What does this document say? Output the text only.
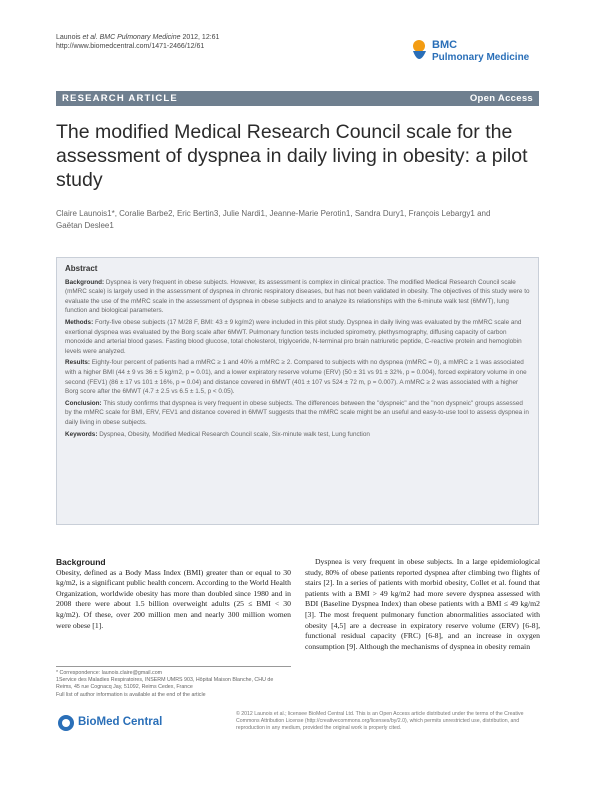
Launois et al. BMC Pulmonary Medicine 2012, 12:61
http://www.biomedcentral.com/1471-2466/12/61	BMC
Pulmonary Medicine
RESEARCH ARTICLE	Open Access
The modified Medical Research Council scale for the assessment of dyspnea in daily living in obesity: a pilot study
Claire Launois1*, Coralie Barbe2, Eric Bertin3, Julie Nardi1, Jeanne-Marie Perotin1, Sandra Dury1, François Lebargy1 and Gaëtan Deslee1
Abstract

Background: Dyspnea is very frequent in obese subjects. However, its assessment is complex in clinical practice. The modified Medical Research Council scale (mMRC scale) is largely used in the assessment of dyspnea in chronic respiratory diseases, but has not been validated in obesity. The objectives of this study were to evaluate the use of the mMRC scale in the assessment of dyspnea in obese subjects and to analyze its relationships with the 6-minute walk test (6MWT), lung function and biological parameters.

Methods: Forty-five obese subjects (17 M/28 F, BMI: 43 ± 9 kg/m2) were included in this pilot study. Dyspnea in daily living was evaluated by the mMRC scale and exertional dyspnea was evaluated by the Borg scale after 6MWT. Pulmonary function tests included spirometry, plethysmography, diffusing capacity of carbon monoxide and arterial blood gases. Fasting blood glucose, total cholesterol, triglyceride, N-terminal pro brain natriuretic peptide, C-reactive protein and hemoglobin levels were analyzed.

Results: Eighty-four percent of patients had a mMRC ≥ 1 and 40% a mMRC ≥ 2. Compared to subjects with no dyspnea (mMRC = 0), a mMRC ≥ 1 was associated with a higher BMI (44 ± 9 vs 36 ± 5 kg/m2, p = 0.01), and a lower expiratory reserve volume (ERV) (50 ± 31 vs 91 ± 32%, p = 0.004), forced expiratory volume in one second (FEV1) (86 ± 17 vs 101 ± 16%, p = 0.04) and distance covered in 6MWT (401 ± 107 vs 524 ± 72 m, p = 0.007). A mMRC ≥ 2 was associated with a higher Borg score after the 6MWT (4.7 ± 2.5 vs 6.5 ± 1.5, p < 0.05).

Conclusion: This study confirms that dyspnea is very frequent in obese subjects. The differences between the "dyspneic" and the "non dyspneic" groups assessed by the mMRC scale for BMI, ERV, FEV1 and distance covered in 6MWT suggests that the mMRC scale might be an useful and easy-to-use tool to assess dyspnea in daily living in obese subjects.

Keywords: Dyspnea, Obesity, Modified Medical Research Council scale, Six-minute walk test, Lung function

Background

Obesity, defined as a Body Mass Index (BMI) greater than or equal to 30 kg/m2, is a significant public health concern. According to the World Health Organization, worldwide obesity has more than doubled since 1980 and in 2008 there were about 1.5 billion overweight adults (25 ≤ BMI < 30 kg/m2). Of these, over 200 million men and nearly 300 million women were obese [1].

Dyspnea is very frequent in obese subjects. In a large epidemiological study, 80% of obese patients reported dyspnea after climbing two flights of stairs [2]. In a series of patients with morbid obesity, Collet et al. found that patients with a BMI > 49 kg/m2 had more severe dyspnea assessed with BDI (Baseline Dyspnea Index) than obese patients with a BMI ≤ 49 kg/m2 [3]. The most frequent pulmonary function abnormalities associated with obesity [4,5] are a decrease in expiratory reserve volume (ERV) [6-8], functional residual capacity (FRC) [6-8], and an increase in oxygen consumption [9]. Although the mechanisms of dyspnea in obesity remain

* Correspondence: launois.claire@gmail.com
1Service des Maladies Respiratoires, INSERM UMRS 903, Hôpital Maison Blanche, CHU de Reims, 45 rue Cognacq Jay, 51092, Reims Cedex, France
Full list of author information is available at the end of the article
BioMed Central
© 2012 Launois et al.; licensee BioMed Central Ltd. This is an Open Access article distributed under the terms of the Creative Commons Attribution License (http://creativecommons.org/licenses/by/2.0), which permits unrestricted use, distribution, and reproduction in any medium, provided the original work is properly cited.
